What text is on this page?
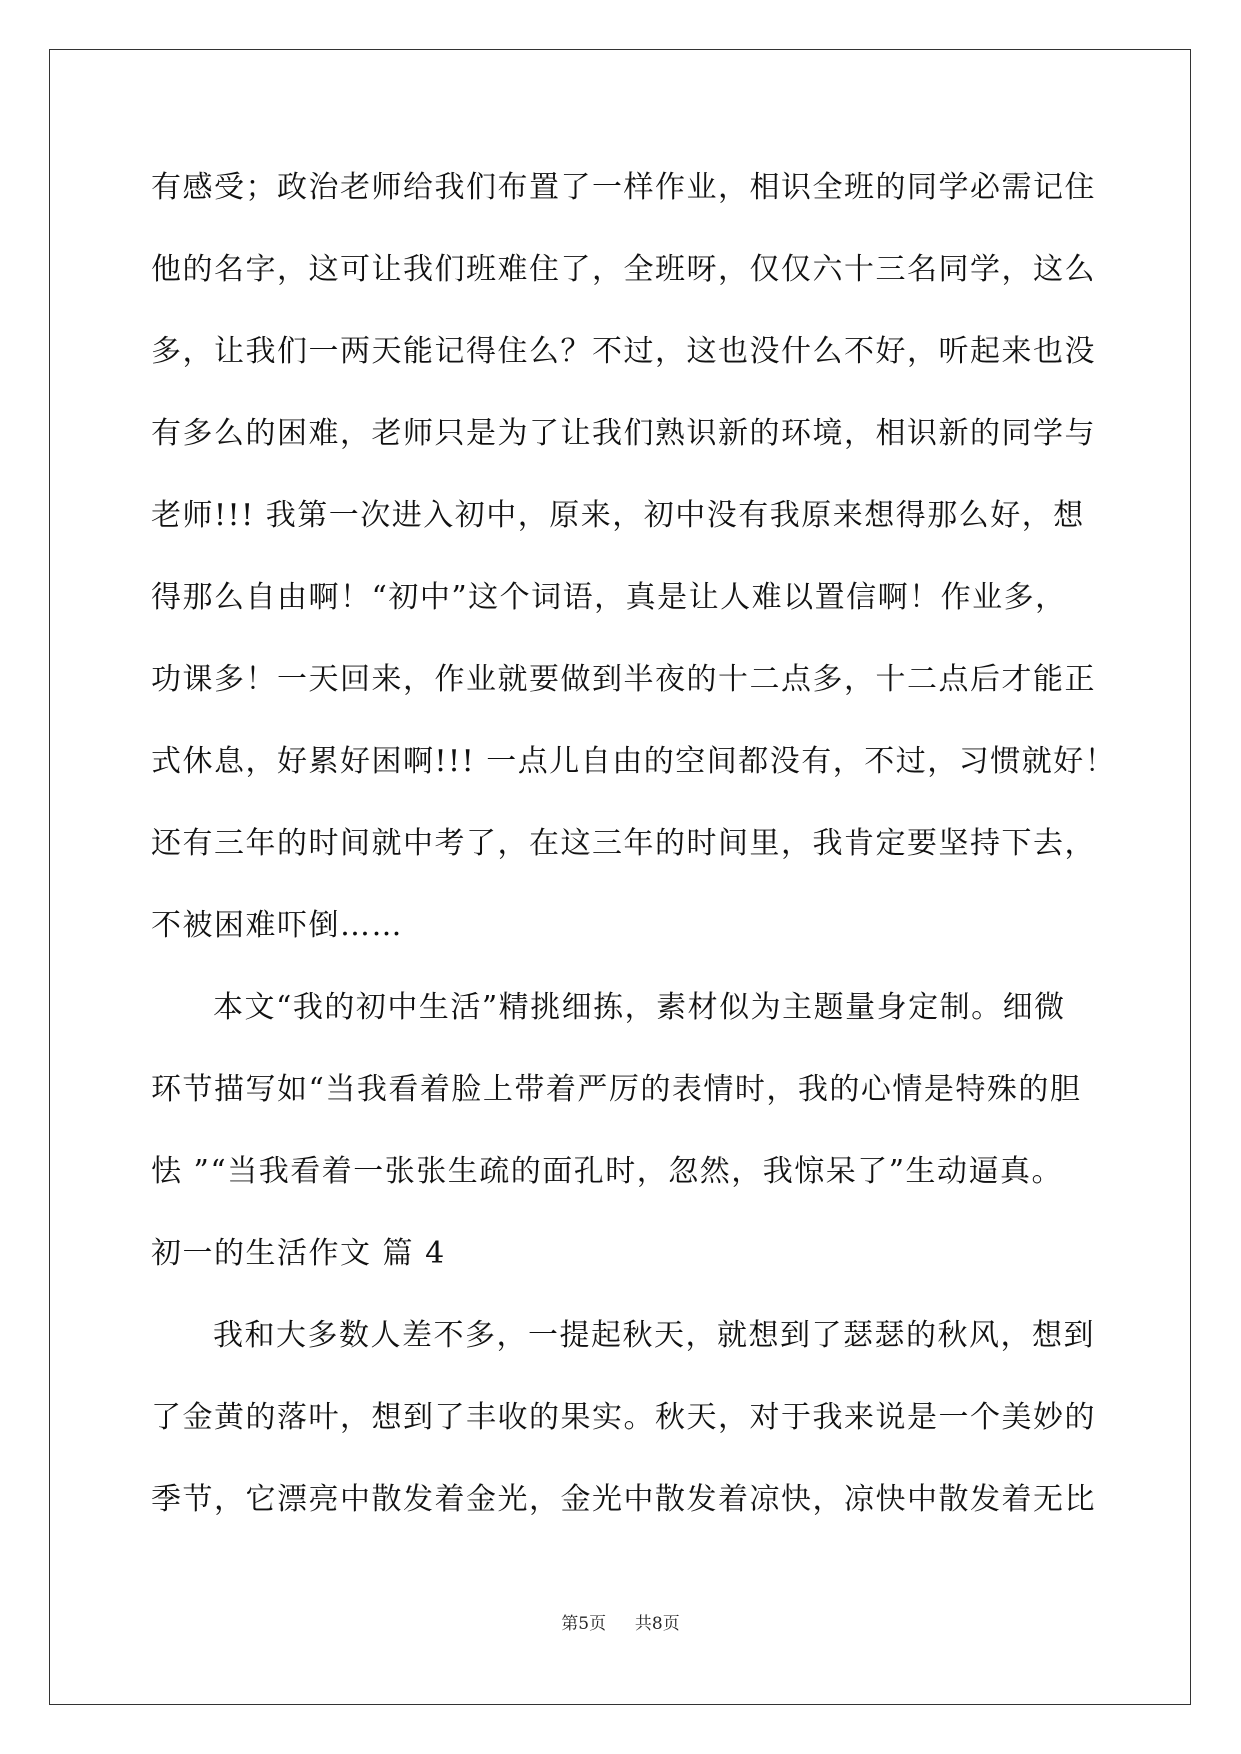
有感受；政治老师给我们布置了一样作业，相识全班的同学必需记住
他的名字，这可让我们班难住了，全班呀，仅仅六十三名同学，这么
多，让我们一两天能记得住么？不过，这也没什么不好，听起来也没
有多么的困难，老师只是为了让我们熟识新的环境，相识新的同学与
老师!!! 我第一次进入初中，原来，初中没有我原来想得那么好，想
得那么自由啊！“初中”这个词语，真是让人难以置信啊！作业多，
功课多！一天回来，作业就要做到半夜的十二点多，十二点后才能正
式休息，好累好困啊!!! 一点儿自由的空间都没有，不过，习惯就好！
还有三年的时间就中考了，在这三年的时间里，我肯定要坚持下去，
不被困难吓倒……
本文“我的初中生活”精挑细拣，素材似为主题量身定制。细微
环节描写如“当我看着脸上带着严厉的表情时，我的心情是特殊的胆
怯 ”“当我看着一张张生疏的面孔时，忽然，我惊呆了”生动逼真。
初一的生活作文 篇 4
我和大多数人差不多，一提起秋天，就想到了瑟瑟的秋风，想到
了金黄的落叶，想到了丰收的果实。秋天，对于我来说是一个美妙的
季节，它漂亮中散发着金光，金光中散发着凉快，凉快中散发着无比
第5页 共8页
